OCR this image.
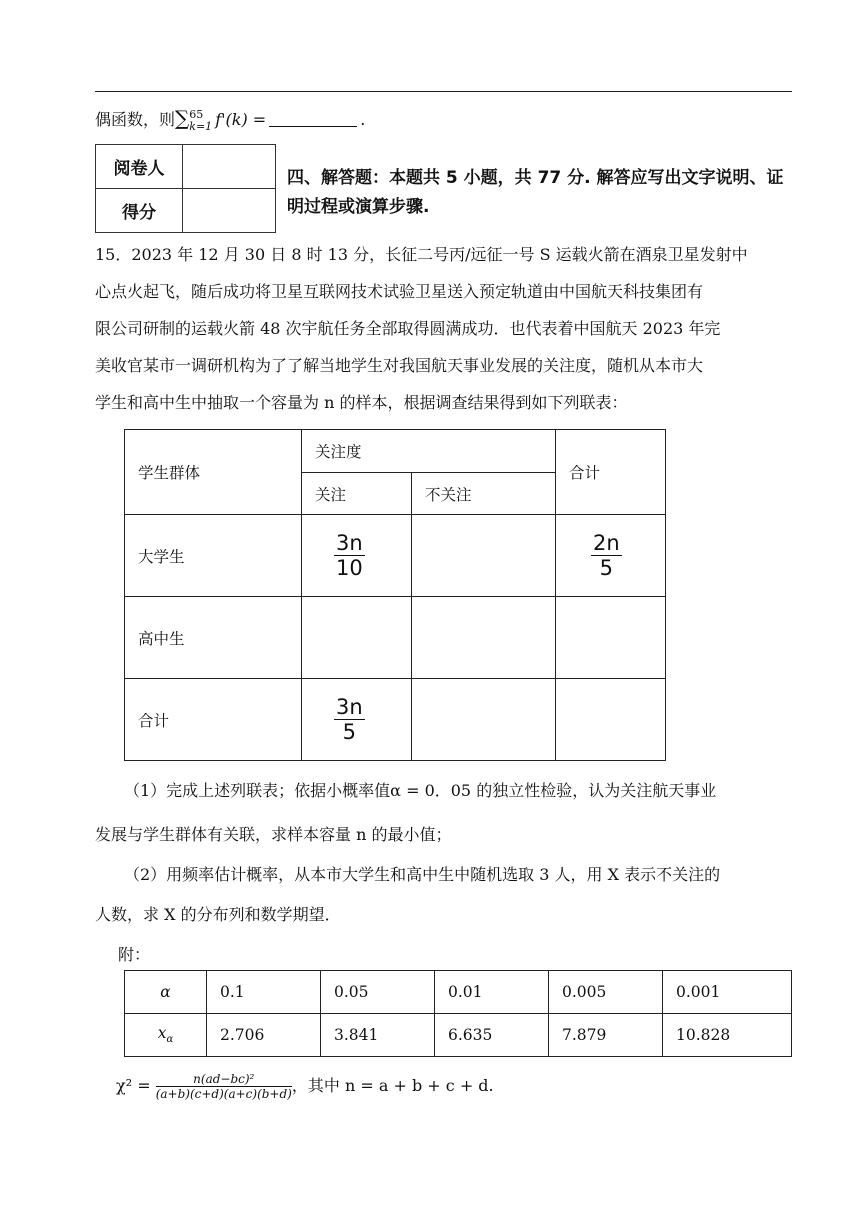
偶函数，则∑ 65
k=1 f'(k) =	.
阅卷人	
得分	
四、解答题：本题共 5 小题，共 77 分. 解答应写出文字说明、证明过程或演算步骤.
15．2023 年 12 月 30 日 8 时 13 分，长征二号丙/远征一号 S 运载火箭在酒泉卫星发射中
心点火起飞，随后成功将卫星互联网技术试验卫星送入预定轨道由中国航天科技集团有
限公司研制的运载火箭 48 次宇航任务全部取得圆满成功．也代表着中国航天 2023 年完
美收官某市一调研机构为了了解当地学生对我国航天事业发展的关注度，随机从本市大
学生和高中生中抽取一个容量为 n 的样本，根据调查结果得到如下列联表：
学生群体	关注度		合计
	关注	不关注	
大学生	$\frac{3n}{10}$		$\frac{2n}{5}$

高中生			
合计	$\frac{3n}{5}$

（1）完成上述列联表；依据小概率值α = 0．05 的独立性检验，认为关注航天事业
发展与学生群体有关联，求样本容量 n 的最小值；
（2）用频率估计概率，从本市大学生和高中生中随机选取 3 人，用 X 表示不关注的
人数，求 X 的分布列和数学期望．
附：
α	0.1	0.05	0.01	0.005	0.001
$x_\alpha$	2.706	3.841	6.635	7.879	10.828
$\chi^2 = \frac{\text{n(ad−bc)²}}{(a+b)(c+d)(a+c)(b+d)}$ ，其中 n = a + b + c + d.
